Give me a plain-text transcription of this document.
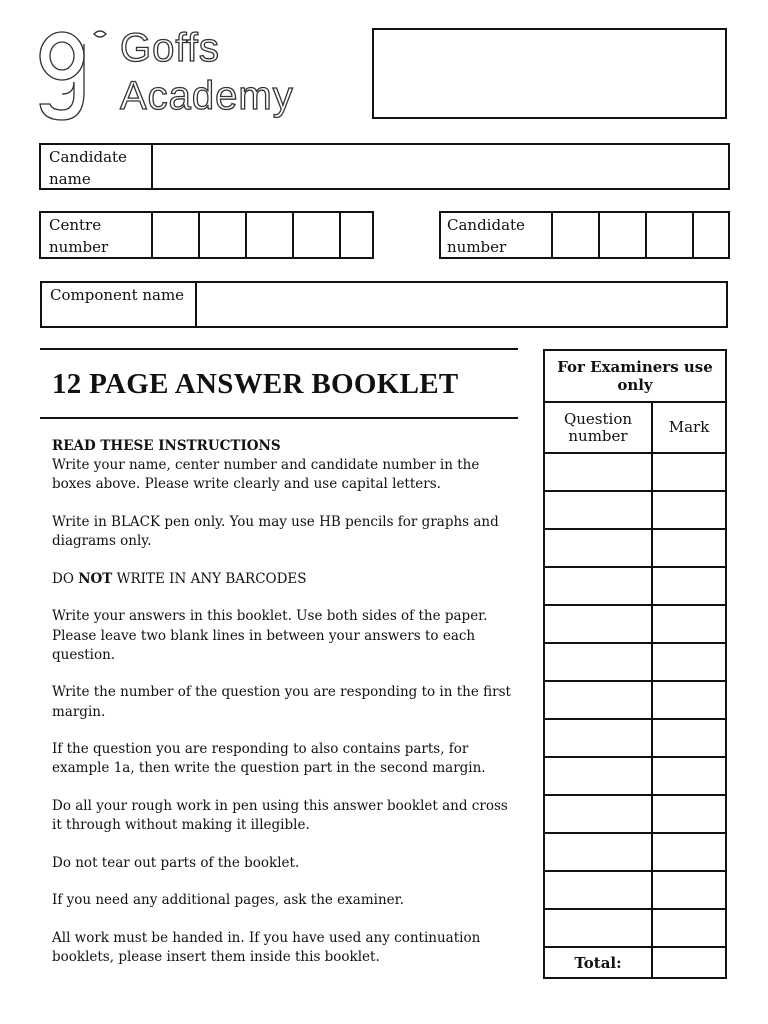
Goffs
Academy
Candidate name
Centre number
Candidate number
Component name
12 PAGE ANSWER BOOKLET

READ THESE INSTRUCTIONS

Write your name, center number and candidate number in the boxes above. Please write clearly and use capital letters.

Write in BLACK pen only. You may use HB pencils for graphs and diagrams only.

DO NOT WRITE IN ANY BARCODES

Write your answers in this booklet. Use both sides of the paper. Please leave two blank lines in between your answers to each question.

Write the number of the question you are responding to in the first margin.

If the question you are responding to also contains parts, for example 1a, then write the question part in the second margin.

Do all your rough work in pen using this answer booklet and cross it through without making it illegible.

Do not tear out parts of the booklet.

If you need any additional pages, ask the examiner.

All work must be handed in. If you have used any continuation booklets, please insert them inside this booklet.

For Examiners use only	
Question number	Mark

Total:	
